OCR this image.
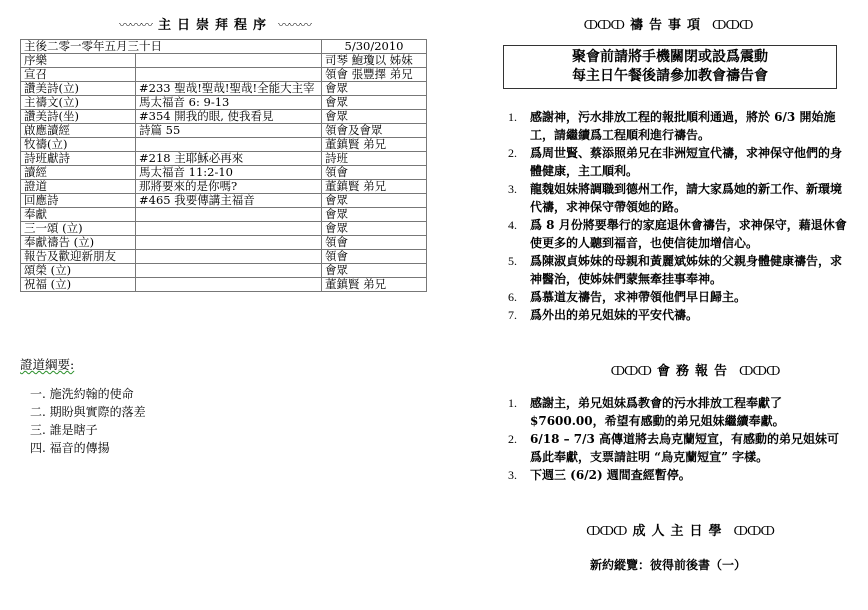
〰〰〰 主日崇拜程序 〰〰〰
主後二零一零年五月三十日		5/30/2010
序樂		司琴 鮑瓊以 姊妹
宣召		領會 張豐擇 弟兄
讚美詩(立)	#233 聖哉!聖哉!聖哉!全能大主宰	會眾
主禱文(立)	馬太福音 6: 9-13	會眾
讚美詩(坐)	#354 開我的眼, 使我看見	會眾
啟應讀經	詩篇 55	領會及會眾
牧禱(立)		董鎮賢 弟兄
詩班獻詩	#218 主耶穌必再來	詩班
讀經	馬太福音 11:2-10	領會
證道	那將要來的是你嗎?	董鎮賢 弟兄
回應詩	#465 我要傳講主福音	會眾
奉獻		會眾
三一頌 (立)		會眾
奉獻禱告 (立)		領會
報告及歡迎新朋友		領會
頌榮 (立)		會眾
祝福 (立)		董鎮賢 弟兄
證道綱要:
一. 施洗約翰的使命
二. 期盼與實際的落差
三. 誰是瞎子
四. 福音的傳揚
ↀↀↀ 禱告事項 ↀↀↀ
聚會前請將手機關閉或設爲震動
每主日午餐後請參加教會禱告會
1. 感謝神，污水排放工程的報批順利通過，將於 6/3 開始施工，請繼續爲工程順利進行禱告。
2. 爲周世賢、蔡添照弟兄在非洲短宣代禱，求神保守他們的身體健康，主工順利。
3. 龍魏姐妹將調職到德州工作，請大家爲她的新工作、新環境代禱，求神保守帶領她的路。
4. 爲 8 月份將要舉行的家庭退休會禱告，求神保守，藉退休會使更多的人聽到福音，也使信徒加增信心。
5. 爲陳淑貞姊妹的母親和黃麗斌姊妹的父親身體健康禱告，求神醫治，使姊妹們蒙無牽挂事奉神。
6. 爲慕道友禱告，求神帶領他們早日歸主。
7. 爲外出的弟兄姐妹的平安代禱。
ↀↀↀ 會務報告 ↀↀↀ
1. 感謝主，弟兄姐妹爲教會的污水排放工程奉獻了 $7600.00，希望有感動的弟兄姐妹繼續奉獻。
2. 6/18 – 7/3 高傳道將去烏克蘭短宣，有感動的弟兄姐妹可爲此奉獻，支票請註明 “烏克蘭短宣” 字樣。
3. 下週三 (6/2) 週間查經暫停。
ↀↀↀ 成人主日學 ↀↀↀ
新約縱覽：彼得前後書（一）
